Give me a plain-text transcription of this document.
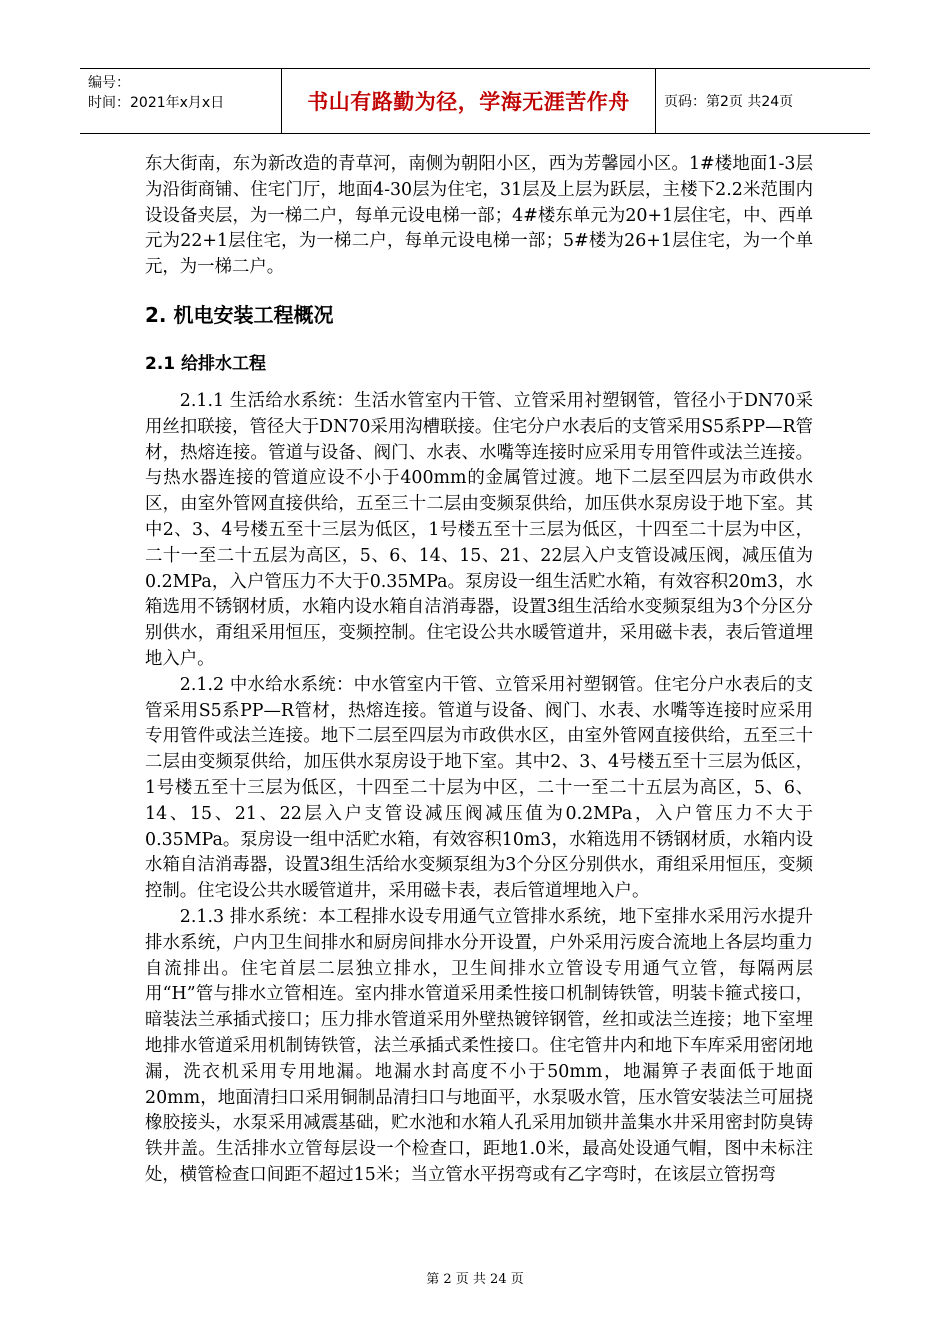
编号：
时间：2021年x月x日	书山有路勤为径，学海无涯苦作舟	页码：第2页 共24页

东大街南，东为新改造的青草河，南侧为朝阳小区，西为芳馨园小区。1#楼地面1-3层为沿街商铺、住宅门厅，地面4-30层为住宅，31层及上层为跃层，主楼下2.2米范围内设设备夹层，为一梯二户，每单元设电梯一部；4#楼东单元为20+1层住宅，中、西单元为22+1层住宅，为一梯二户，每单元设电梯一部；5#楼为26+1层住宅，为一个单元，为一梯二户。

2. 机电安装工程概况
2.1 给排水工程

2.1.1 生活给水系统：生活水管室内干管、立管采用衬塑钢管，管径小于DN70采用丝扣联接，管径大于DN70采用沟槽联接。住宅分户水表后的支管采用S5系PP—R管材，热熔连接。管道与设备、阀门、水表、水嘴等连接时应采用专用管件或法兰连接。与热水器连接的管道应设不小于400mm的金属管过渡。地下二层至四层为市政供水区，由室外管网直接供给，五至三十二层由变频泵供给，加压供水泵房设于地下室。其中2、3、4号楼五至十三层为低区，1号楼五至十三层为低区，十四至二十层为中区，二十一至二十五层为高区，5、6、14、15、21、22层入户支管设减压阀，减压值为0.2MPa，入户管压力不大于0.35MPa。泵房设一组生活贮水箱，有效容积20m3，水箱选用不锈钢材质，水箱内设水箱自洁消毒器，设置3组生活给水变频泵组为3个分区分别供水，甭组采用恒压，变频控制。住宅设公共水暖管道井，采用磁卡表，表后管道埋地入户。

2.1.2 中水给水系统：中水管室内干管、立管采用衬塑钢管。住宅分户水表后的支管采用S5系PP—R管材，热熔连接。管道与设备、阀门、水表、水嘴等连接时应采用专用管件或法兰连接。地下二层至四层为市政供水区，由室外管网直接供给，五至三十二层由变频泵供给，加压供水泵房设于地下室。其中2、3、4号楼五至十三层为低区， 1号楼五至十三层为低区，十四至二十层为中区，二十一至二十五层为高区，5、6、14、15、21、22层入户支管设减压阀减压值为0.2MPa，入户管压力不大于0.35MPa。泵房设一组中活贮水箱，有效容积10m3，水箱选用不锈钢材质，水箱内设水箱自洁消毒器，设置3组生活给水变频泵组为3个分区分别供水，甭组采用恒压，变频控制。住宅设公共水暖管道井，采用磁卡表，表后管道埋地入户。

2.1.3 排水系统：本工程排水设专用通气立管排水系统，地下室排水采用污水提升排水系统，户内卫生间排水和厨房间排水分开设置，户外采用污废合流地上各层均重力自流排出。住宅首层二层独立排水，卫生间排水立管设专用通气立管，每隔两层用“H”管与排水立管相连。室内排水管道采用柔性接口机制铸铁管，明装卡箍式接口，暗装法兰承插式接口；压力排水管道采用外壁热镀锌钢管，丝扣或法兰连接；地下室埋地排水管道采用机制铸铁管，法兰承插式柔性接口。住宅管井内和地下车库采用密闭地漏，洗衣机采用专用地漏。地漏水封高度不小于50mm，地漏箅子表面低于地面20mm，地面清扫口采用铜制品清扫口与地面平，水泵吸水管，压水管安装法兰可屈挠橡胶接头，水泵采用减震基础，贮水池和水箱人孔采用加锁井盖集水井采用密封防臭铸铁井盖。生活排水立管每层设一个检查口，距地1.0米，最高处设通气帽，图中未标注处，横管检查口间距不超过15米；当立管水平拐弯或有乙字弯时，在该层立管拐弯

第 2 页 共 24 页
